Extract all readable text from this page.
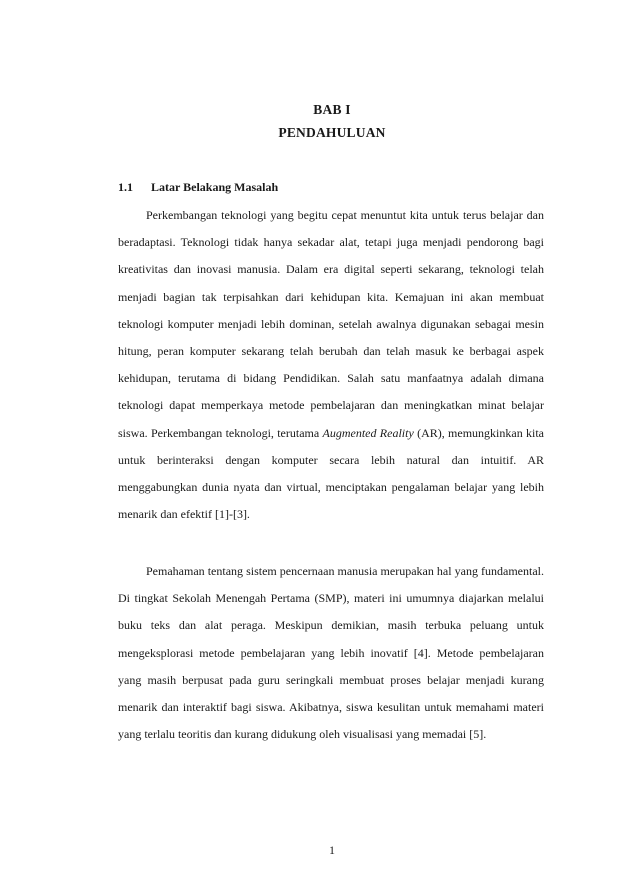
BAB I
PENDAHULUAN
1.1 Latar Belakang Masalah

Perkembangan teknologi yang begitu cepat menuntut kita untuk terus belajar dan beradaptasi. Teknologi tidak hanya sekadar alat, tetapi juga menjadi pendorong bagi kreativitas dan inovasi manusia. Dalam era digital seperti sekarang, teknologi telah menjadi bagian tak terpisahkan dari kehidupan kita. Kemajuan ini akan membuat teknologi komputer menjadi lebih dominan, setelah awalnya digunakan sebagai mesin hitung, peran komputer sekarang telah berubah dan telah masuk ke berbagai aspek kehidupan, terutama di bidang Pendidikan. Salah satu manfaatnya adalah dimana teknologi dapat memperkaya metode pembelajaran dan meningkatkan minat belajar siswa. Perkembangan teknologi, terutama Augmented Reality (AR), memungkinkan kita untuk berinteraksi dengan komputer secara lebih natural dan intuitif. AR menggabungkan dunia nyata dan virtual, menciptakan pengalaman belajar yang lebih menarik dan efektif [1]-[3].

Pemahaman tentang sistem pencernaan manusia merupakan hal yang fundamental. Di tingkat Sekolah Menengah Pertama (SMP), materi ini umumnya diajarkan melalui buku teks dan alat peraga. Meskipun demikian, masih terbuka peluang untuk mengeksplorasi metode pembelajaran yang lebih inovatif [4]. Metode pembelajaran yang masih berpusat pada guru seringkali membuat proses belajar menjadi kurang menarik dan interaktif bagi siswa. Akibatnya, siswa kesulitan untuk memahami materi yang terlalu teoritis dan kurang didukung oleh visualisasi yang memadai [5].

1
